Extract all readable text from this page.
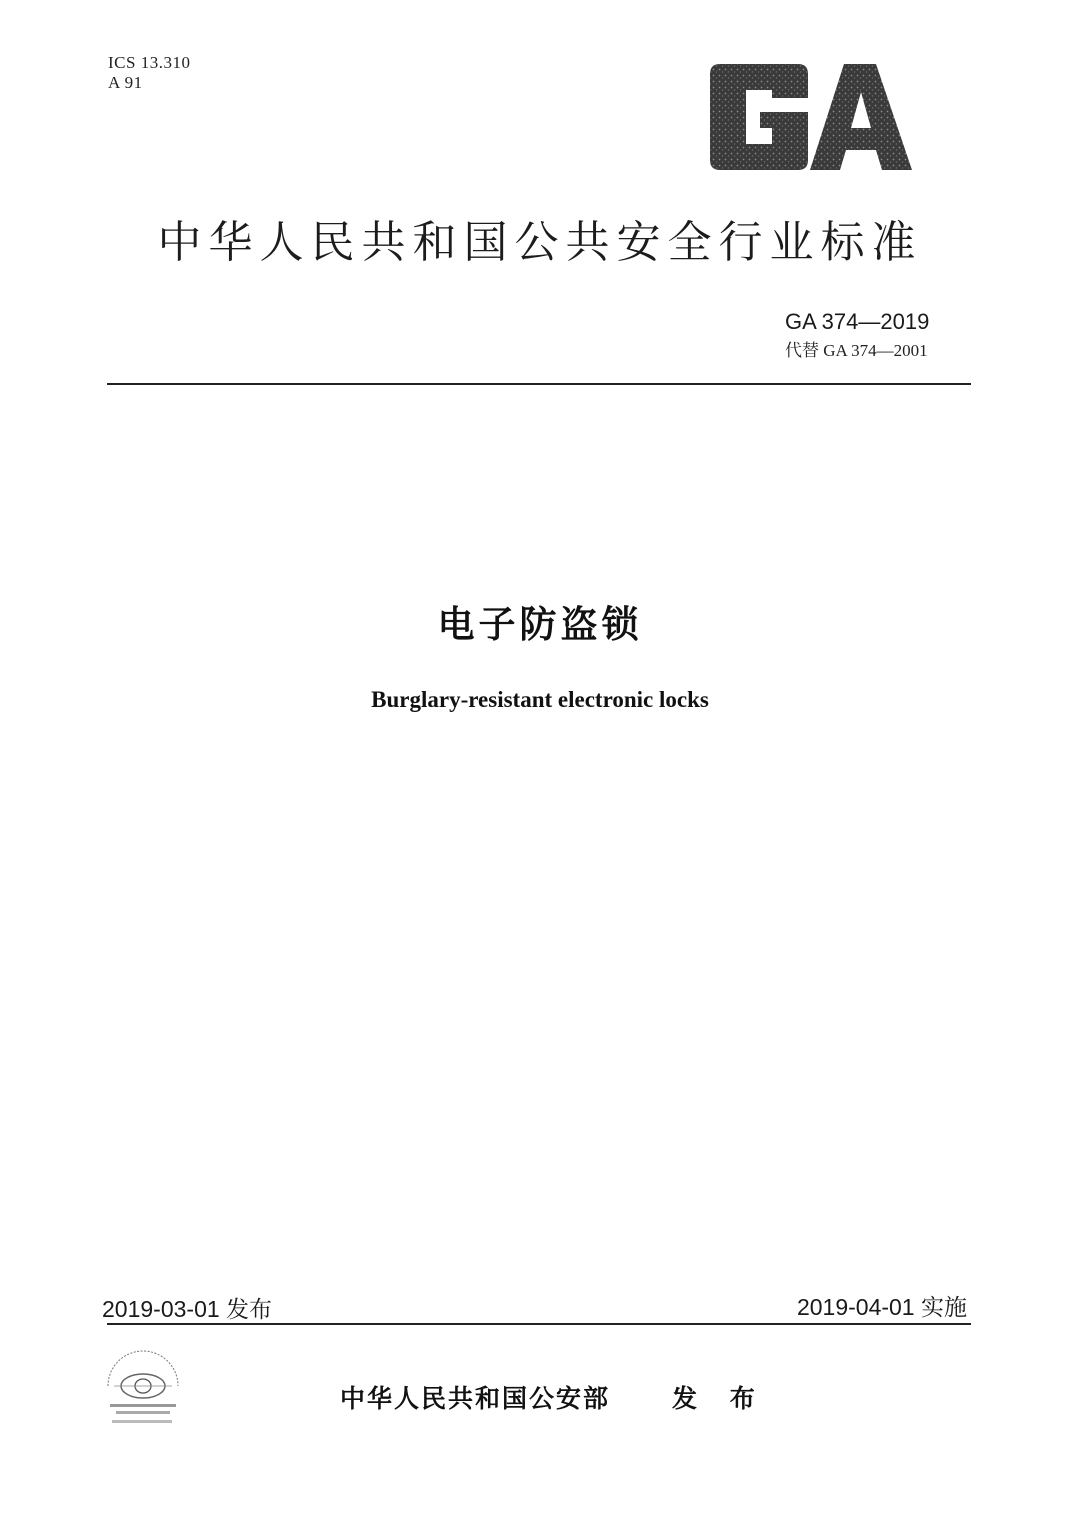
ICS 13.310
A 91
中华人民共和国公共安全行业标准
GA 374—2019
代替 GA 374—2001
电子防盗锁
Burglary-resistant electronic locks
2019-03-01 发布	2019-04-01 实施
中华人民共和国公安部 发 布
